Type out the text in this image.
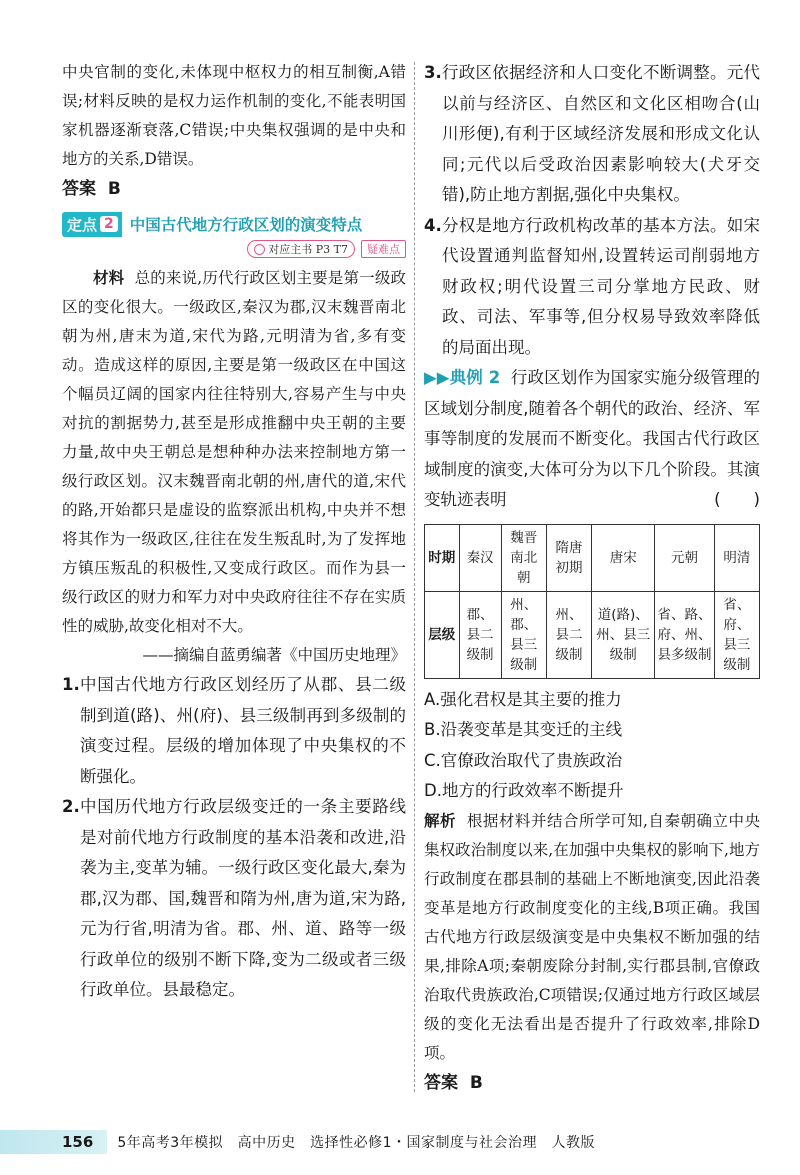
中央官制的变化,未体现中枢权力的相互制衡,A错误;材料反映的是权力运作机制的变化,不能表明国家机器逐渐衰落,C错误;中央集权强调的是中央和地方的关系,D错误。

答案 B

定点 2 中国古代地方行政区划的演变特点
对应主书 P3 T7	疑难点

材料 总的来说,历代行政区划主要是第一级政区的变化很大。一级政区,秦汉为郡,汉末魏晋南北朝为州,唐末为道,宋代为路,元明清为省,多有变动。造成这样的原因,主要是第一级政区在中国这个幅员辽阔的国家内往往特别大,容易产生与中央对抗的割据势力,甚至是形成推翻中央王朝的主要力量,故中央王朝总是想种种办法来控制地方第一级行政区划。汉末魏晋南北朝的州,唐代的道,宋代的路,开始都只是虚设的监察派出机构,中央并不想将其作为一级政区,往往在发生叛乱时,为了发挥地方镇压叛乱的积极性,又变成行政区。而作为县一级行政区的财力和军力对中央政府往往不存在实质性的威胁,故变化相对不大。

——摘编自蓝勇编著《中国历史地理》

1. 中国古代地方行政区划经历了从郡、县二级制到道(路)、州(府)、县三级制再到多级制的演变过程。层级的增加体现了中央集权的不断强化。
2. 中国历代地方行政层级变迁的一条主要路线是对前代地方行政制度的基本沿袭和改进,沿袭为主,变革为辅。一级行政区变化最大,秦为郡,汉为郡、国,魏晋和隋为州,唐为道,宋为路,元为行省,明清为省。郡、州、道、路等一级行政单位的级别不断下降,变为二级或者三级行政单位。县最稳定。
3. 行政区依据经济和人口变化不断调整。元代以前与经济区、自然区和文化区相吻合(山川形便),有利于区域经济发展和形成文化认同;元代以后受政治因素影响较大(犬牙交错),防止地方割据,强化中央集权。
4. 分权是地方行政机构改革的基本方法。如宋代设置通判监督知州,设置转运司削弱地方财政权;明代设置三司分掌地方民政、财政、司法、军事等,但分权易导致效率降低的局面出现。

▶▶典例 2 行政区划作为国家实施分级管理的区域划分制度,随着各个朝代的政治、经济、军事等制度的发展而不断变化。我国古代行政区域制度的演变,大体可分为以下几个阶段。其演变轨迹表明	(　　)

时期	秦汉	魏晋南北朝	隋唐初期	唐宋	元朝	明清
层级	郡、县二级制	州、郡、县三级制	州、县二级制	道(路)、州、县三级制	省、路、府、州、县多级制	省、府、县三级制

A.强化君权是其主要的推力

B.沿袭变革是其变迁的主线

C.官僚政治取代了贵族政治

D.地方的行政效率不断提升

解析 根据材料并结合所学可知,自秦朝确立中央集权政治制度以来,在加强中央集权的影响下,地方行政制度在郡县制的基础上不断地演变,因此沿袭变革是地方行政制度变化的主线,B项正确。我国古代地方行政层级演变是中央集权不断加强的结果,排除A项;秦朝废除分封制,实行郡县制,官僚政治取代贵族政治,C项错误;仅通过地方行政区域层级的变化无法看出是否提升了行政效率,排除D项。

答案 B

156	5年高考3年模拟　高中历史　选择性必修1・国家制度与社会治理　人教版
